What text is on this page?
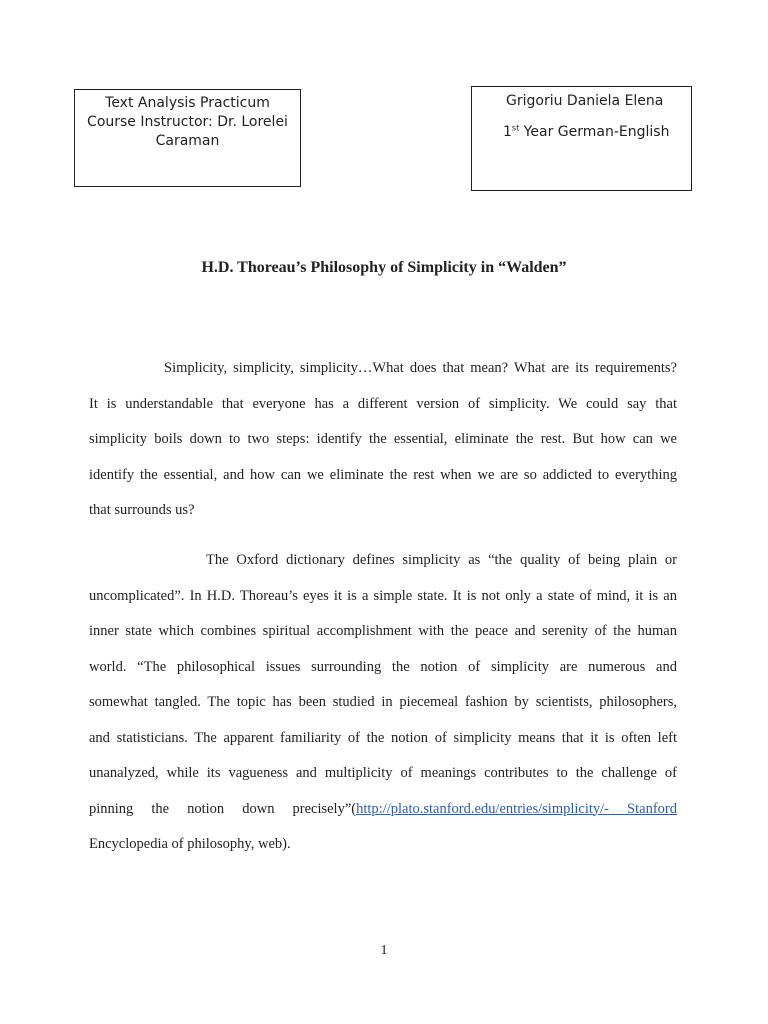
Text Analysis Practicum
Course Instructor: Dr. Lorelei
Caraman
Grigoriu Daniela Elena
1st Year German-English
H.D. Thoreau’s Philosophy of Simplicity in “Walden”
Simplicity, simplicity, simplicity…What does that mean? What are its requirements?
It is understandable that everyone has a different version of simplicity. We could say that
simplicity boils down to two steps: identify the essential, eliminate the rest. But how can we
identify the essential, and how can we eliminate the rest when we are so addicted to everything
that surrounds us?
The Oxford dictionary defines simplicity as “the quality of being plain or
uncomplicated”. In H.D. Thoreau’s eyes it is a simple state. It is not only a state of mind, it is an
inner state which combines spiritual accomplishment with the peace and serenity of the human
world. “The philosophical issues surrounding the notion of simplicity are numerous and
somewhat tangled. The topic has been studied in piecemeal fashion by scientists, philosophers,
and statisticians. The apparent familiarity of the notion of simplicity means that it is often left
unanalyzed, while its vagueness and multiplicity of meanings contributes to the challenge of
pinning the notion down precisely”(http://plato.stanford.edu/entries/simplicity/- Stanford
Encyclopedia of philosophy, web).
1
